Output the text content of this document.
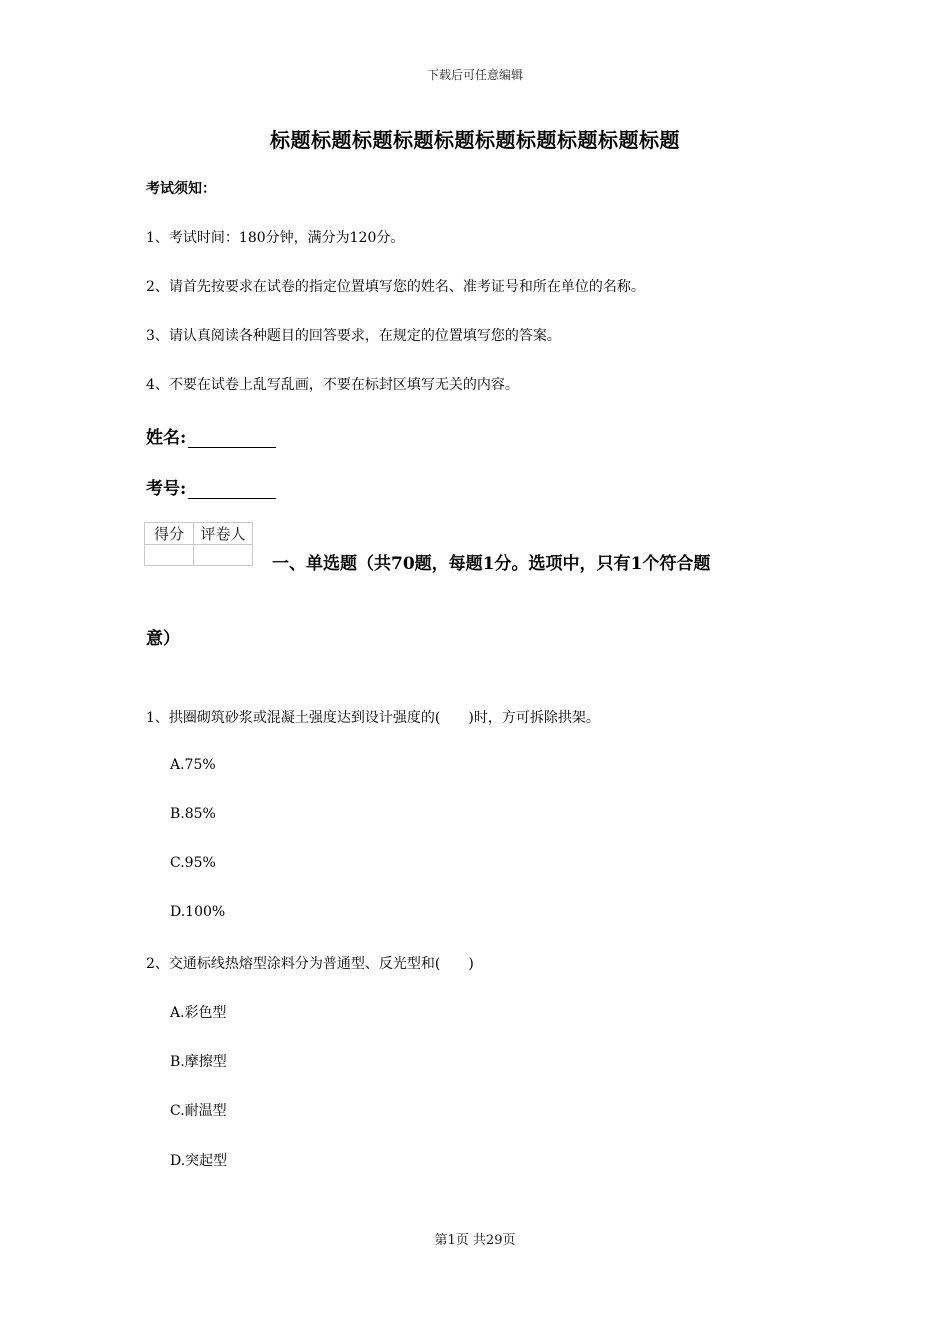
下载后可任意编辑
标题标题标题标题标题标题标题标题标题标题
考试须知：
1、考试时间：180分钟，满分为120分。
2、请首先按要求在试卷的指定位置填写您的姓名、准考证号和所在单位的名称。
3、请认真阅读各种题目的回答要求，在规定的位置填写您的答案。
4、不要在试卷上乱写乱画，不要在标封区填写无关的内容。
姓名:
考号:
得分	评卷人

一、单选题（共70题，每题1分。选项中，只有1个符合题
意）
1、拱圈砌筑砂浆或混凝土强度达到设计强度的(　　)时，方可拆除拱架。
A.75%
B.85%
C.95%
D.100%
2、交通标线热熔型涂料分为普通型、反光型和(　　)
A.彩色型
B.摩擦型
C.耐温型
D.突起型
第1页 共29页
